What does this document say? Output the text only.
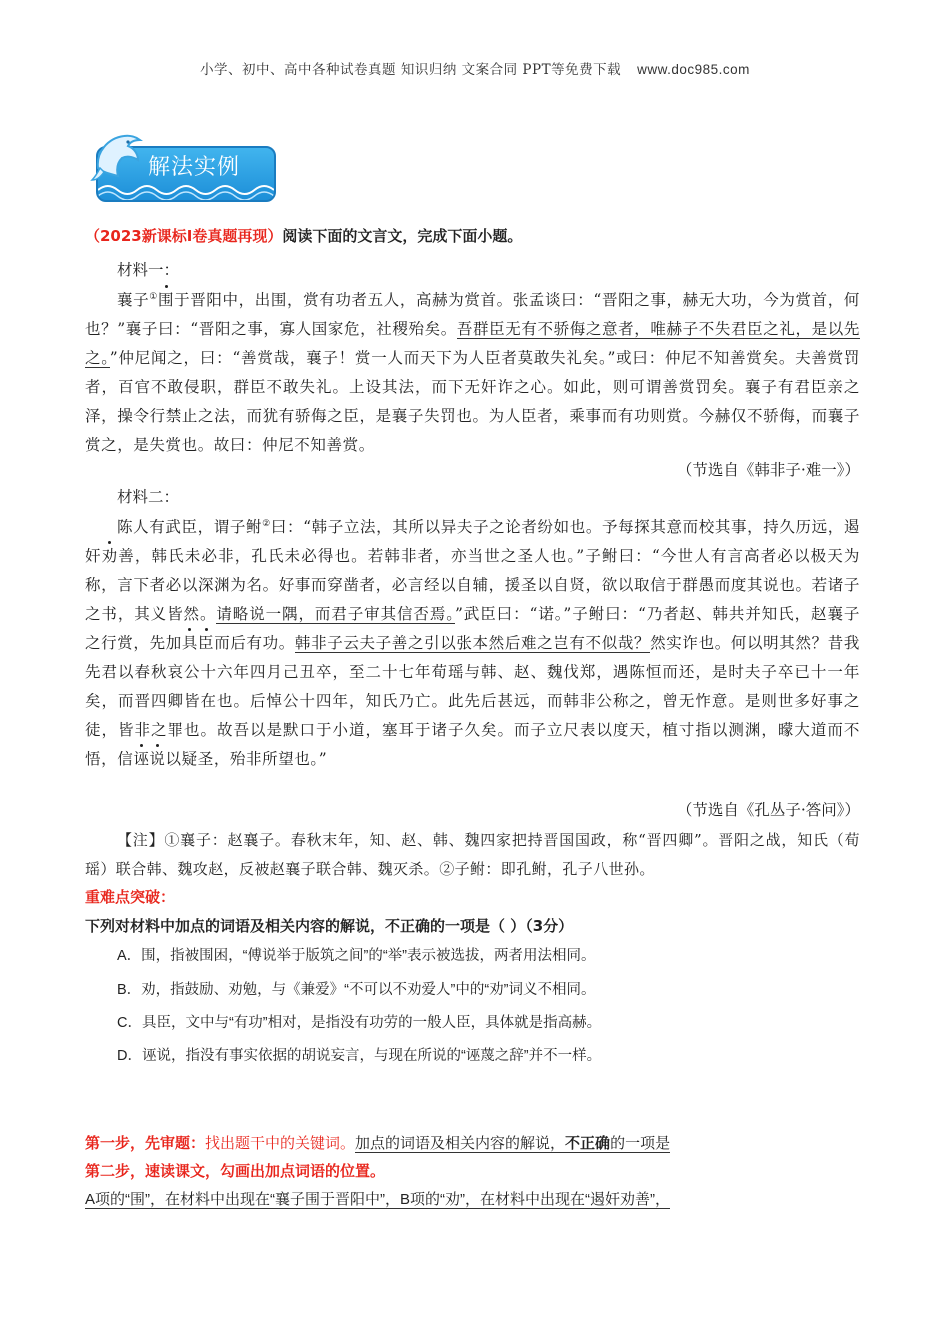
小学、初中、高中各种试卷真题 知识归纳 文案合同 PPT等免费下载 www.doc985.com
解法实例
（2023新课标I卷真题再现）阅读下面的文言文，完成下面小题。
材料一：
襄子①围于晋阳中，出围，赏有功者五人，高赫为赏首。张孟谈曰：“晋阳之事，赫无大功，今为赏首，何也？”襄子曰：“晋阳之事，寡人国家危，社稷殆矣。吾群臣无有不骄侮之意者，唯赫子不失君臣之礼，是以先之。”仲尼闻之，曰：“善赏哉，襄子！赏一人而天下为人臣者莫敢失礼矣。”或曰：仲尼不知善赏矣。夫善赏罚者，百官不敢侵职，群臣不敢失礼。上设其法，而下无奸诈之心。如此，则可谓善赏罚矣。襄子有君臣亲之泽，操令行禁止之法，而犹有骄侮之臣，是襄子失罚也。为人臣者，乘事而有功则赏。今赫仅不骄侮，而襄子赏之，是失赏也。故曰：仲尼不知善赏。
（节选自《韩非子·难一》）
材料二：
陈人有武臣，谓子鲋②曰：“韩子立法，其所以异夫子之论者纷如也。予每探其意而校其事，持久历远，遏奸劝善，韩氏未必非，孔氏未必得也。若韩非者，亦当世之圣人也。”子鲋曰：“今世人有言高者必以极天为称，言下者必以深渊为名。好事而穿凿者，必言经以自辅，援圣以自贤，欲以取信于群愚而度其说也。若诸子之书，其义皆然。请略说一隅，而君子审其信否焉。”武臣曰：“诺。”子鲋曰：“乃者赵、韩共并知氏，赵襄子之行赏，先加具臣而后有功。韩非子云夫子善之引以张本然后难之岂有不似哉？然实诈也。何以明其然？昔我先君以春秋哀公十六年四月己丑卒，至二十七年荀瑶与韩、赵、魏伐郑，遇陈恒而还，是时夫子卒已十一年矣，而晋四卿皆在也。后悼公十四年，知氏乃亡。此先后甚远，而韩非公称之，曾无怍意。是则世多好事之徒，皆非之罪也。故吾以是默口于小道，塞耳于诸子久矣。而子立尺表以度天，植寸指以测渊，曚大道而不悟，信诬说以疑圣，殆非所望也。”
（节选自《孔丛子·答问》）
【注】①襄子：赵襄子。春秋末年，知、赵、韩、魏四家把持晋国国政，称“晋四卿”。晋阳之战，知氏（荀瑶）联合韩、魏攻赵，反被赵襄子联合韩、魏灭杀。②子鲋：即孔鲋，孔子八世孙。
重难点突破：
下列对材料中加点的词语及相关内容的解说，不正确的一项是（ ）（3分）
A．围，指被围困，“傅说举于版筑之间”的“举”表示被选拔，两者用法相同。
B．劝，指鼓励、劝勉，与《兼爱》“不可以不劝爱人”中的“劝”词义不相同。
C．具臣，文中与“有功”相对，是指没有功劳的一般人臣，具体就是指高赫。
D．诬说，指没有事实依据的胡说妄言，与现在所说的“诬蔑之辞”并不一样。
第一步，先审题：找出题干中的关键词。加点的词语及相关内容的解说，不正确的一项是
第二步，速读课文，勾画出加点词语的位置。
A项的“围”，在材料中出现在“襄子围于晋阳中”，B项的“劝”，在材料中出现在“遏奸劝善”，
